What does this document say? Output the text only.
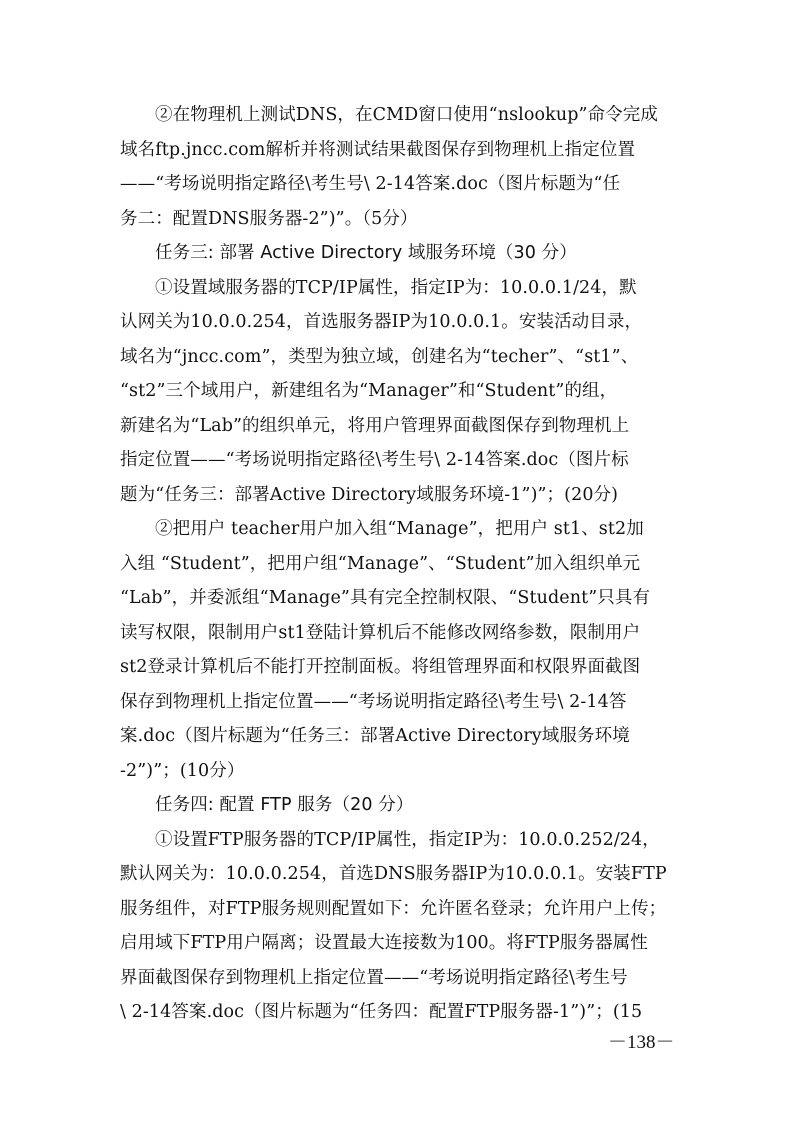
②在物理机上测试DNS，在CMD窗口使用“nslookup”命令完成
域名ftp.jncc.com解析并将测试结果截图保存到物理机上指定位置
——“考场说明指定路径\考生号\ 2-14答案.doc（图片标题为“任
务二：配置DNS服务器-2”)”。（5分）
任务三: 部署 Active Directory 域服务环境（30 分）
①设置域服务器的TCP/IP属性，指定IP为：10.0.0.1/24，默
认网关为10.0.0.254，首选服务器IP为10.0.0.1。安装活动目录，
域名为“jncc.com”，类型为独立域，创建名为“techer”、“st1”、
“st2”三个域用户，新建组名为“Manager”和“Student”的组，
新建名为“Lab”的组织单元，将用户管理界面截图保存到物理机上
指定位置——“考场说明指定路径\考生号\ 2-14答案.doc（图片标
题为“任务三：部署Active Directory域服务环境-1”)”；(20分)
②把用户 teacher用户加入组“Manage”，把用户 st1、st2加
入组 “Student”，把用户组“Manage”、“Student”加入组织单元
“Lab”，并委派组“Manage”具有完全控制权限、“Student”只具有
读写权限，限制用户st1登陆计算机后不能修改网络参数，限制用户
st2登录计算机后不能打开控制面板。将组管理界面和权限界面截图
保存到物理机上指定位置——“考场说明指定路径\考生号\ 2-14答
案.doc（图片标题为“任务三：部署Active Directory域服务环境
-2”)”；(10分）
任务四: 配置 FTP 服务（20 分）
①设置FTP服务器的TCP/IP属性，指定IP为：10.0.0.252/24，
默认网关为：10.0.0.254，首选DNS服务器IP为10.0.0.1。安装FTP
服务组件，对FTP服务规则配置如下：允许匿名登录；允许用户上传；
启用域下FTP用户隔离；设置最大连接数为100。将FTP服务器属性
界面截图保存到物理机上指定位置——“考场说明指定路径\考生号
\ 2-14答案.doc（图片标题为“任务四：配置FTP服务器-1”)”；(15
－138－
